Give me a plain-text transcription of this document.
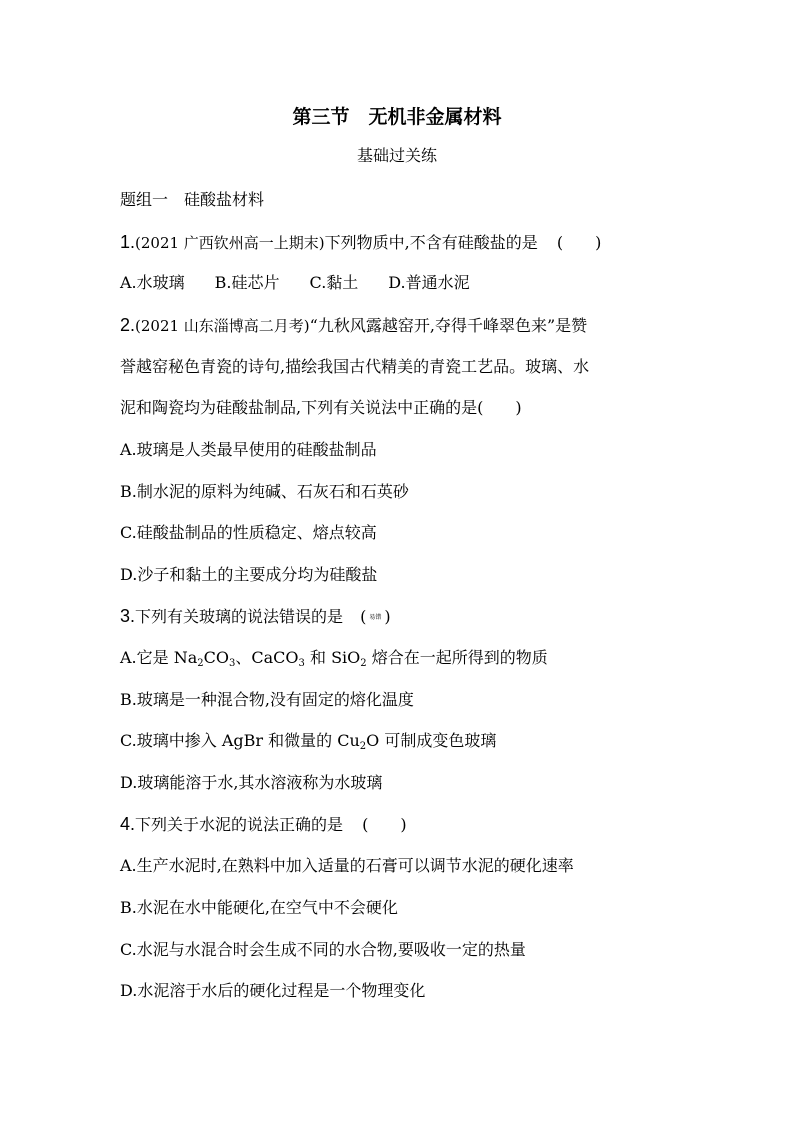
第三节　无机非金属材料
基础过关练
题组一　硅酸盐材料
1.(2021 广西钦州高一上期末)下列物质中,不含有硅酸盐的是 (　　)
A.水玻璃 B.硅芯片 C.黏土 D.普通水泥
2.(2021 山东淄博高二月考)“九秋风露越窑开,夺得千峰翠色来”是赞
誉越窑秘色青瓷的诗句,描绘我国古代精美的青瓷工艺品。玻璃、水
泥和陶瓷均为硅酸盐制品,下列有关说法中正确的是(　　)
A.玻璃是人类最早使用的硅酸盐制品
B.制水泥的原料为纯碱、石灰石和石英砂
C.硅酸盐制品的性质稳定、熔点较高
D.沙子和黏土的主要成分均为硅酸盐
3.下列有关玻璃的说法错误的是 ( 易错 )
A.它是 $Na_2CO_3$、CaCO$_3$ 和 SiO$_2$ 熔合在一起所得到的物质
B.玻璃是一种混合物,没有固定的熔化温度
C.玻璃中掺入 AgBr 和微量的 $Cu_2O$ 可制成变色玻璃
D.玻璃能溶于水,其水溶液称为水玻璃
4.下列关于水泥的说法正确的是 (　　)
A.生产水泥时,在熟料中加入适量的石膏可以调节水泥的硬化速率
B.水泥在水中能硬化,在空气中不会硬化
C.水泥与水混合时会生成不同的水合物,要吸收一定的热量
D.水泥溶于水后的硬化过程是一个物理变化
